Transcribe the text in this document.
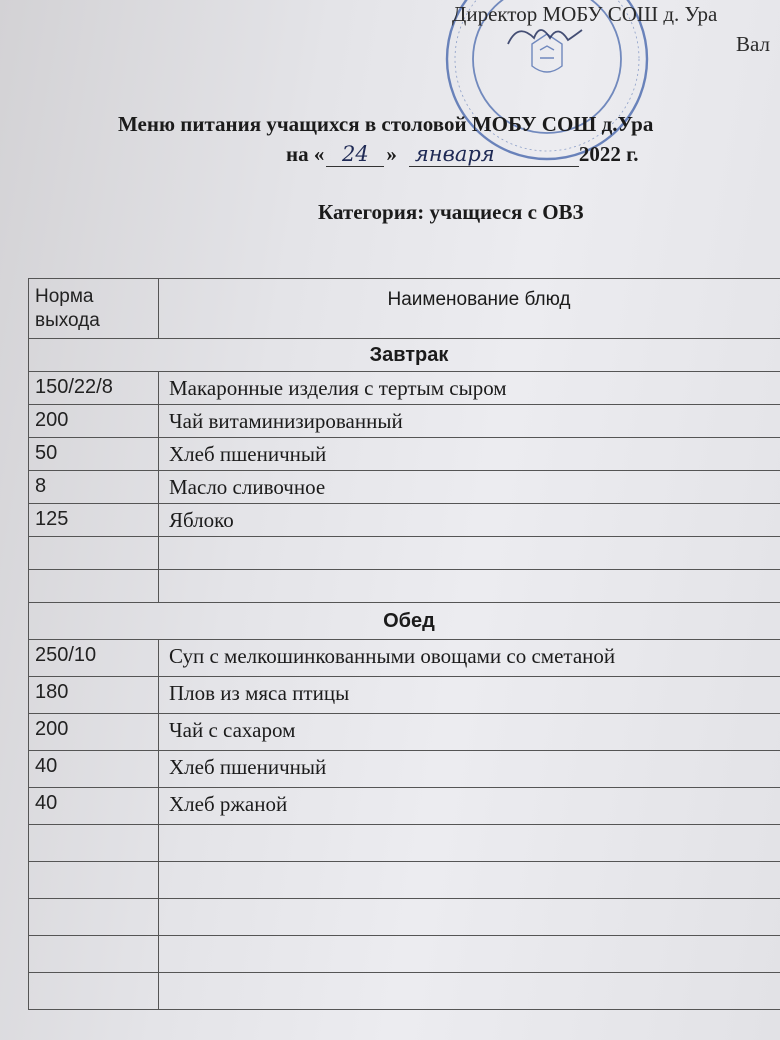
Директор МОБУ СОШ д. Ура
Вал
Меню питания учащихся в столовой МОБУ СОШ д.Ура
на « 24 » января	2022 г.
Категория: учащиеся с ОВЗ
Норма выхода
Наименование блюд
Завтрак
150/22/8	Макаронные изделия с тертым сыром
200	Чай витаминизированный
50	Хлеб пшеничный
8	Масло сливочное
125	Яблоко
Обед
250/10	Суп с мелкошинкованными овощами со сметаной
180	Плов из мяса птицы
200	Чай с сахаром
40	Хлеб пшеничный
40	Хлеб ржаной
